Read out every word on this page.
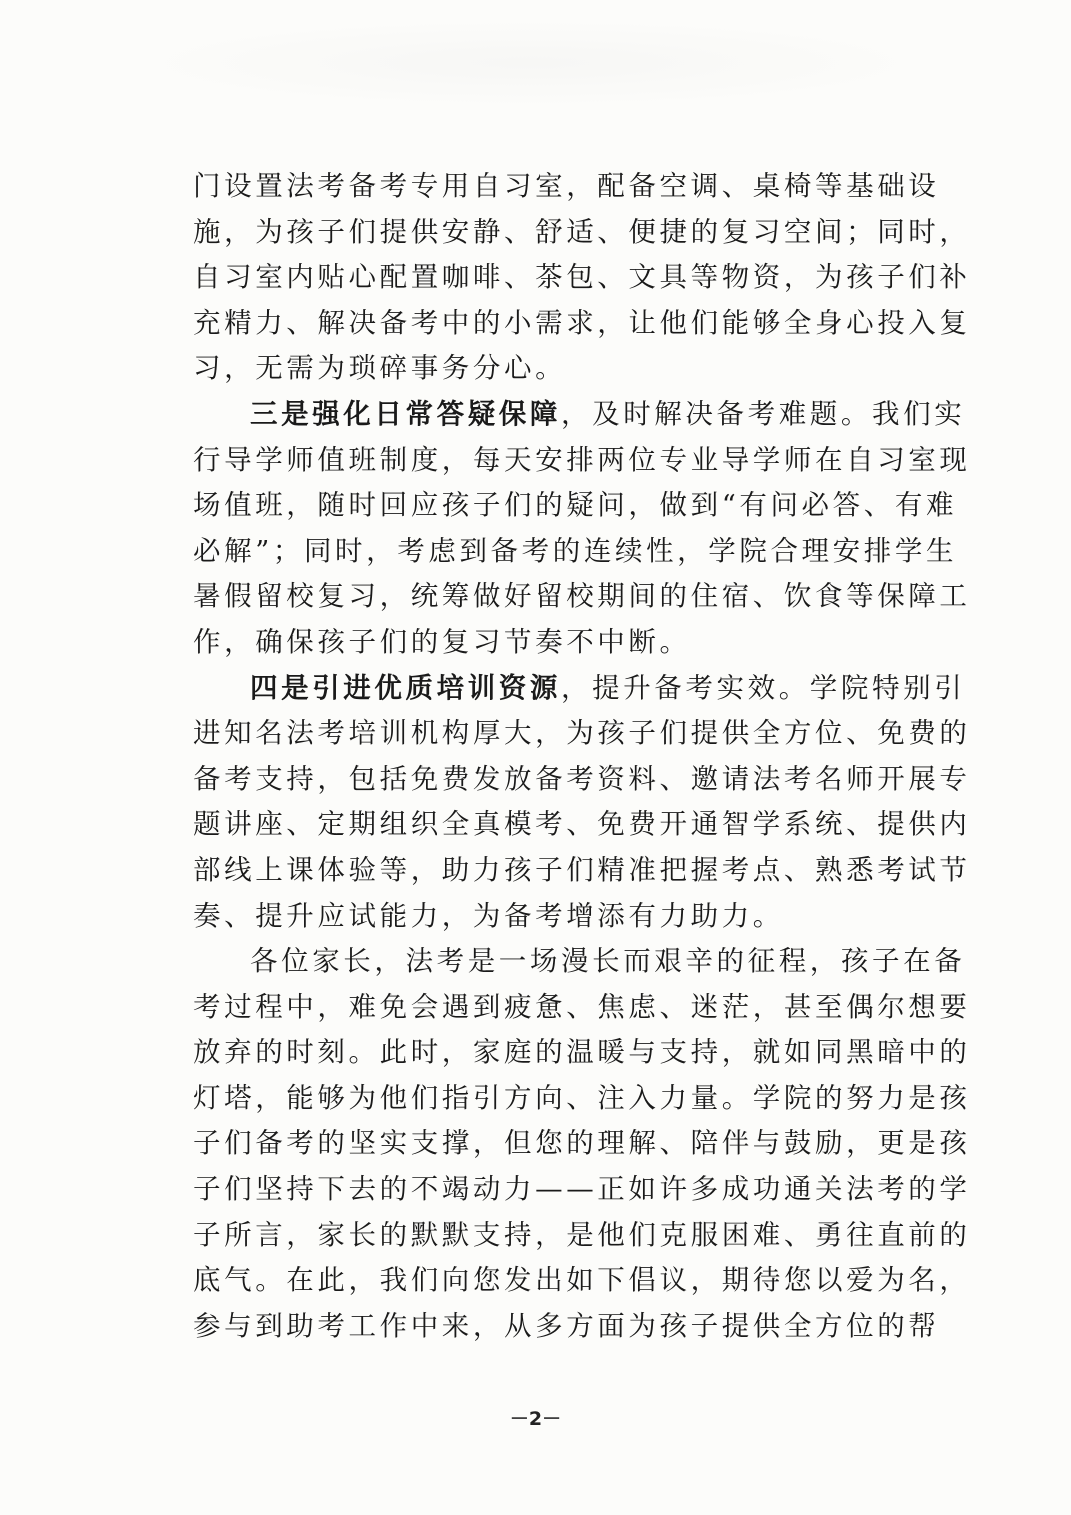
门设置法考备考专用自习室，配备空调、桌椅等基础设
施，为孩子们提供安静、舒适、便捷的复习空间；同时，
自习室内贴心配置咖啡、茶包、文具等物资，为孩子们补
充精力、解决备考中的小需求，让他们能够全身心投入复
习，无需为琐碎事务分心。
三是强化日常答疑保障，及时解决备考难题。我们实
行导学师值班制度，每天安排两位专业导学师在自习室现
场值班，随时回应孩子们的疑问，做到“有问必答、有难
必解”；同时，考虑到备考的连续性，学院合理安排学生
暑假留校复习，统筹做好留校期间的住宿、饮食等保障工
作，确保孩子们的复习节奏不中断。
四是引进优质培训资源，提升备考实效。学院特别引
进知名法考培训机构厚大，为孩子们提供全方位、免费的
备考支持，包括免费发放备考资料、邀请法考名师开展专
题讲座、定期组织全真模考、免费开通智学系统、提供内
部线上课体验等，助力孩子们精准把握考点、熟悉考试节
奏、提升应试能力，为备考增添有力助力。
各位家长，法考是一场漫长而艰辛的征程，孩子在备
考过程中，难免会遇到疲惫、焦虑、迷茫，甚至偶尔想要
放弃的时刻。此时，家庭的温暖与支持，就如同黑暗中的
灯塔，能够为他们指引方向、注入力量。学院的努力是孩
子们备考的坚实支撑，但您的理解、陪伴与鼓励，更是孩
子们坚持下去的不竭动力——正如许多成功通关法考的学
子所言，家长的默默支持，是他们克服困难、勇往直前的
底气。在此，我们向您发出如下倡议，期待您以爱为名，
参与到助考工作中来，从多方面为孩子提供全方位的帮
－2－
